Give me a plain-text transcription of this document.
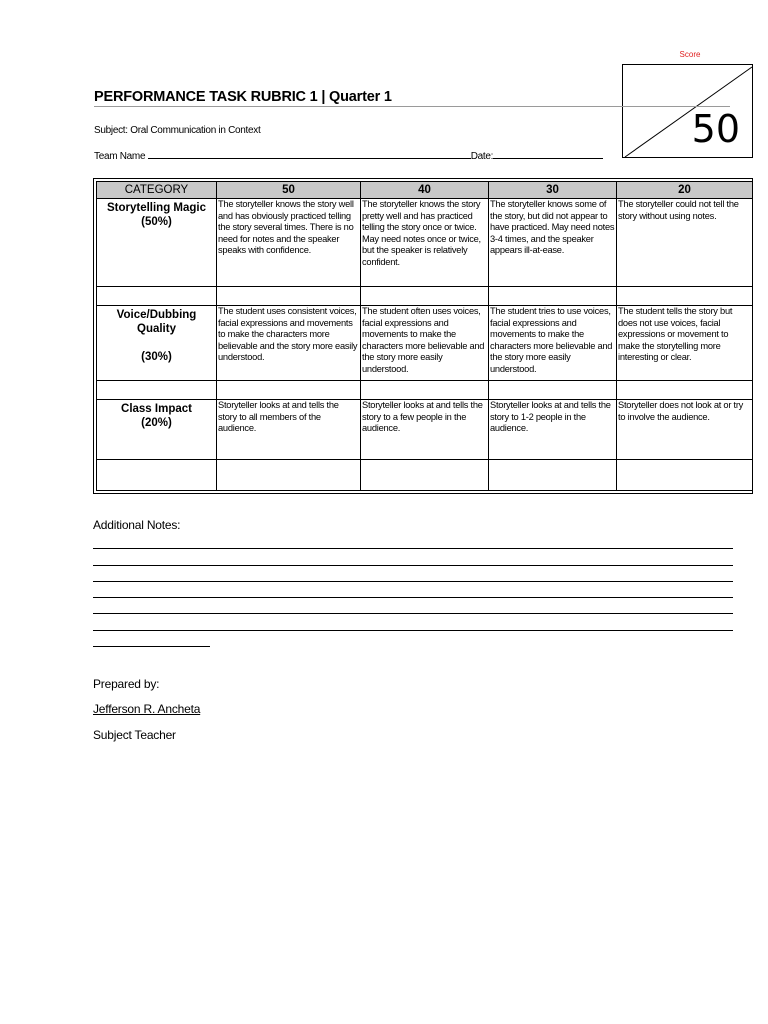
Score
50
PERFORMANCE TASK RUBRIC 1 | Quarter 1
Subject: Oral Communication in Context
Team Name	Date:
CATEGORY	50	40	30	20
Storytelling Magic
(50%)	The storyteller knows the story well and has obviously practiced telling the story several times. There is no need for notes and the speaker speaks with confidence.	The storyteller knows the story pretty well and has practiced telling the story once or twice. May need notes once or twice, but the speaker is relatively confident.	The storyteller knows some of the story, but did not appear to have practiced. May need notes 3-4 times, and the speaker appears ill-at-ease.	The storyteller could not tell the story without using notes.

Voice/Dubbing Quality
(30%)	The student uses consistent voices, facial expressions and movements to make the characters more believable and the story more easily understood.	The student often uses voices, facial expressions and movements to make the characters more believable and the story more easily understood.	The student tries to use voices, facial expressions and movements to make the characters more believable and the story more easily understood.	The student tells the story but does not use voices, facial expressions or movement to make the storytelling more interesting or clear.

Class Impact
(20%)	Storyteller looks at and tells the story to all members of the audience.	Storyteller looks at and tells the story to a few people in the audience.	Storyteller looks at and tells the story to 1-2 people in the audience.	Storyteller does not look at or try to involve the audience.

Additional Notes:
Prepared by:
Jefferson R. Ancheta
Subject Teacher
